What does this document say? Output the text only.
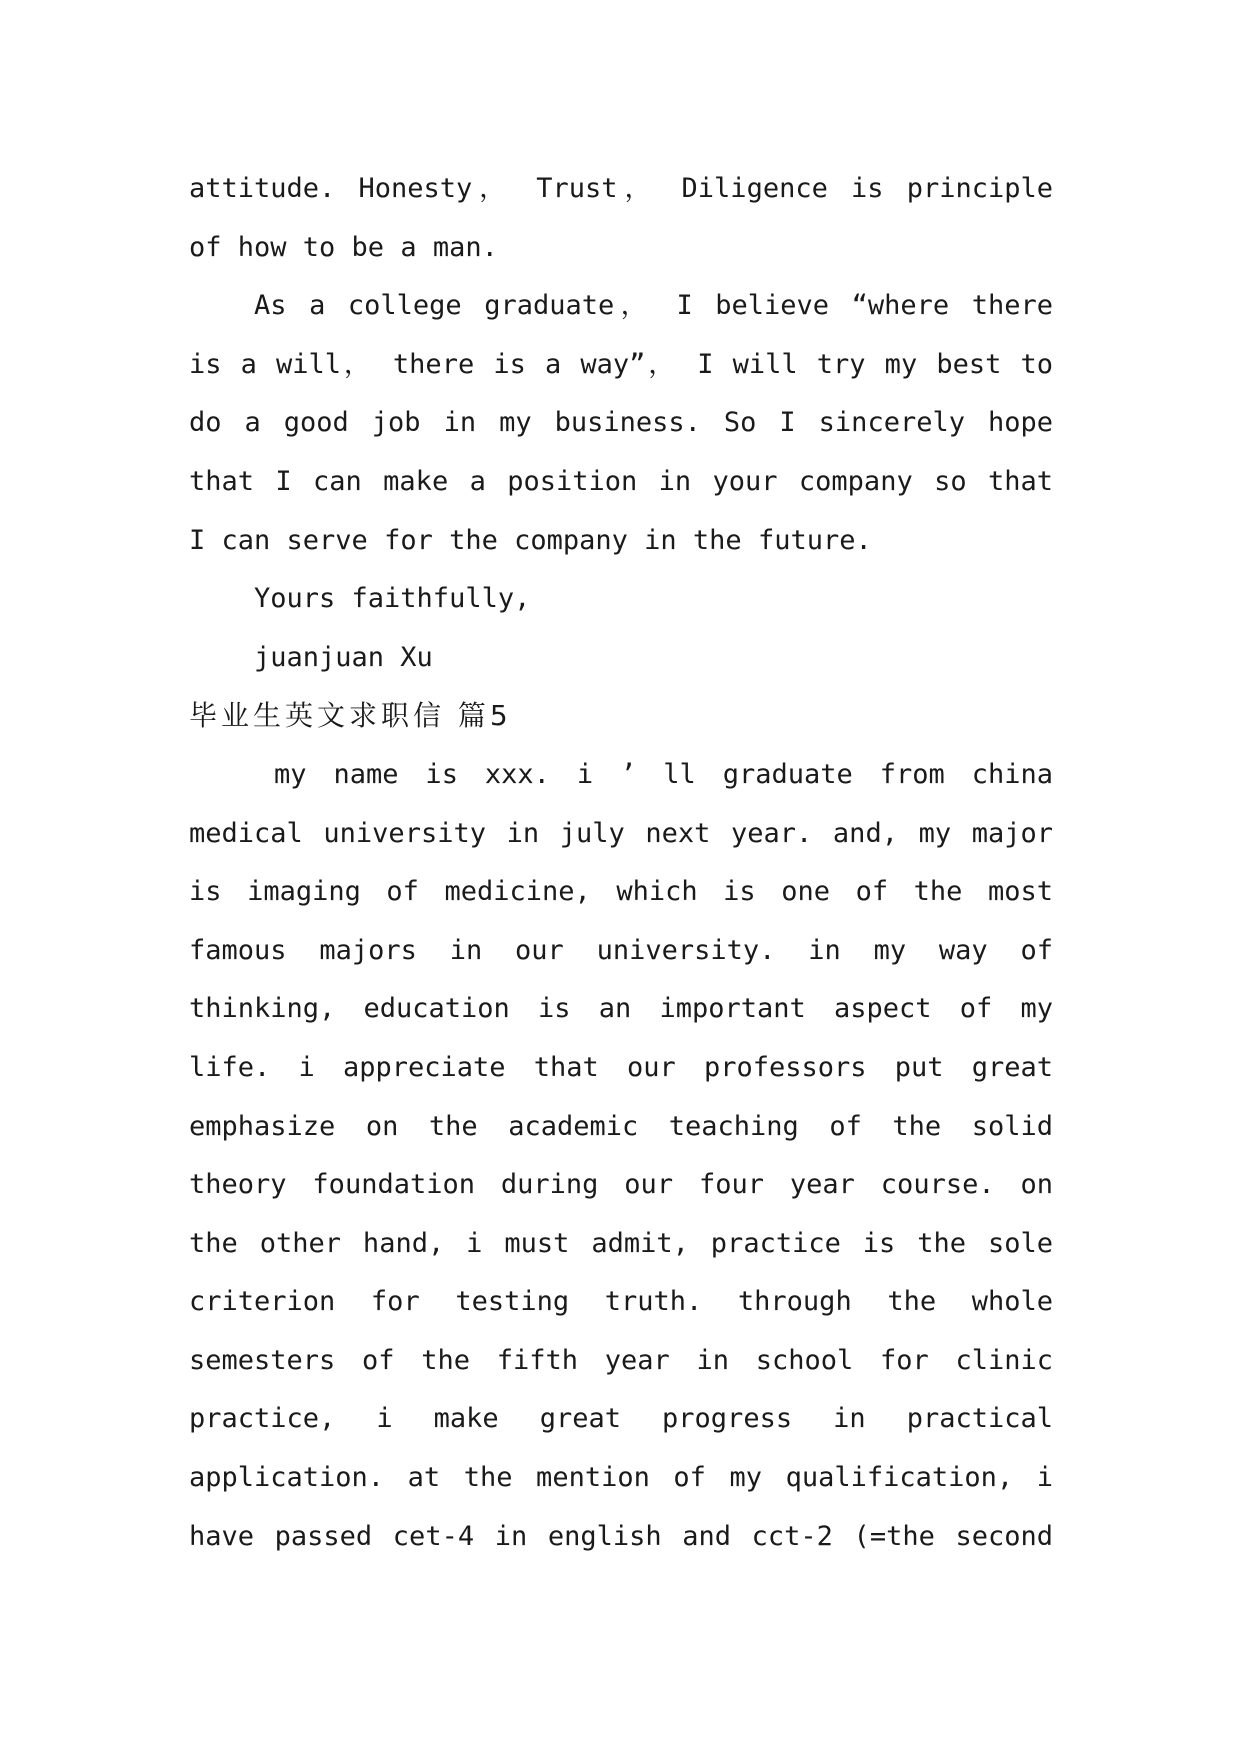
attitude. Honesty， Trust， Diligence is principle
of how to be a man.
As a college graduate， I believe “where there
is a will， there is a way”， I will try my best to
do a good job in my business. So I sincerely hope
that I can make a position in your company so that
I can serve for the company in the future.
Yours faithfully,
juanjuan Xu
毕业生英文求职信 篇5
my name is xxx. i ’ ll graduate from china
medical university in july next year. and, my major
is imaging of medicine, which is one of the most
famous majors in our university. in my way of
thinking, education is an important aspect of my
life. i appreciate that our professors put great
emphasize on the academic teaching of the solid
theory foundation during our four year course. on
the other hand, i must admit, practice is the sole
criterion for testing truth. through the whole
semesters of the fifth year in school for clinic
practice, i make great progress in practical
application. at the mention of my qualification, i
have passed cet-4 in english and cct-2 (=the second
